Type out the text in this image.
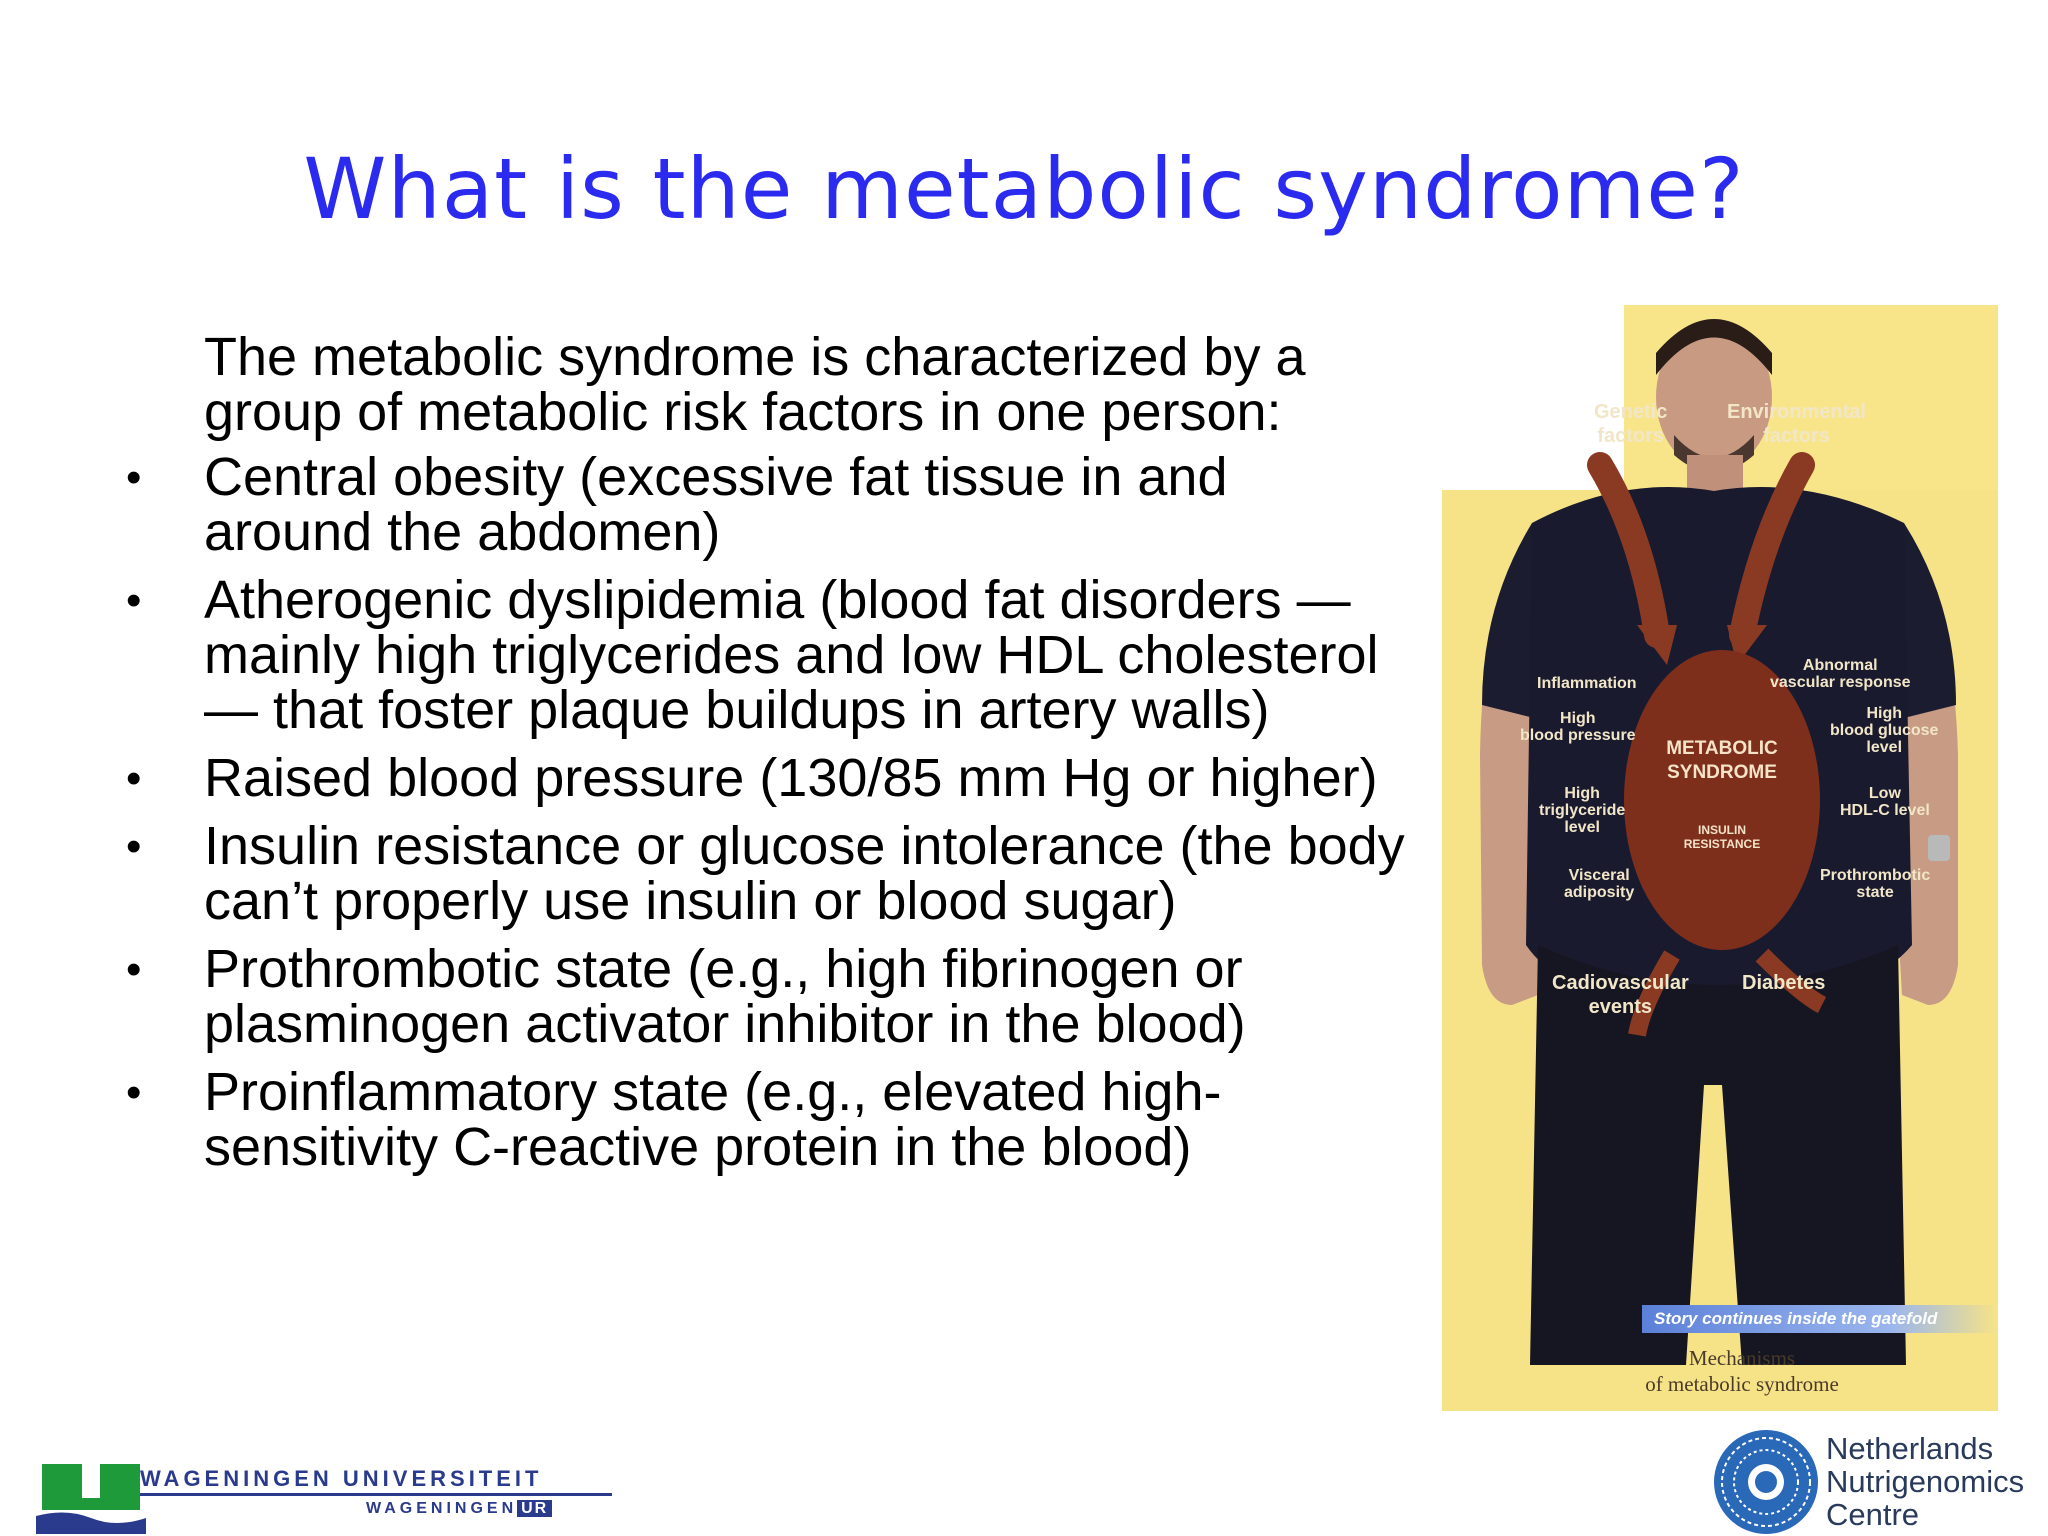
What is the metabolic syndrome?

The metabolic syndrome is characterized by a group of metabolic risk factors in one person:

• Central obesity (excessive fat tissue in and around the abdomen)
• Atherogenic dyslipidemia (blood fat disorders — mainly high triglycerides and low HDL cholesterol — that foster plaque buildups in artery walls)
• Raised blood pressure (130/85 mm Hg or higher)
• Insulin resistance or glucose intolerance (the body can’t properly use insulin or blood sugar)
• Prothrombotic state (e.g., high fibrinogen or plasminogen activator inhibitor in the blood)
• Proinflammatory state (e.g., elevated high-sensitivity C-reactive protein in the blood)
Genetic
factors
Environmental
factors
Inflammation
Abnormal
vascular response
High
blood pressure
High
blood glucose
level
High
triglyceride
level
Low
HDL-C level
Visceral
adiposity
Prothrombotic
state
Cadiovascular
events
Diabetes
METABOLIC
SYNDROME
INSULIN
RESISTANCE
Story continues inside the gatefold
Mechanisms
of metabolic syndrome
WAGENINGEN UNIVERSITEIT
WAGENINGEN UR
Netherlands
Nutrigenomics
Centre
